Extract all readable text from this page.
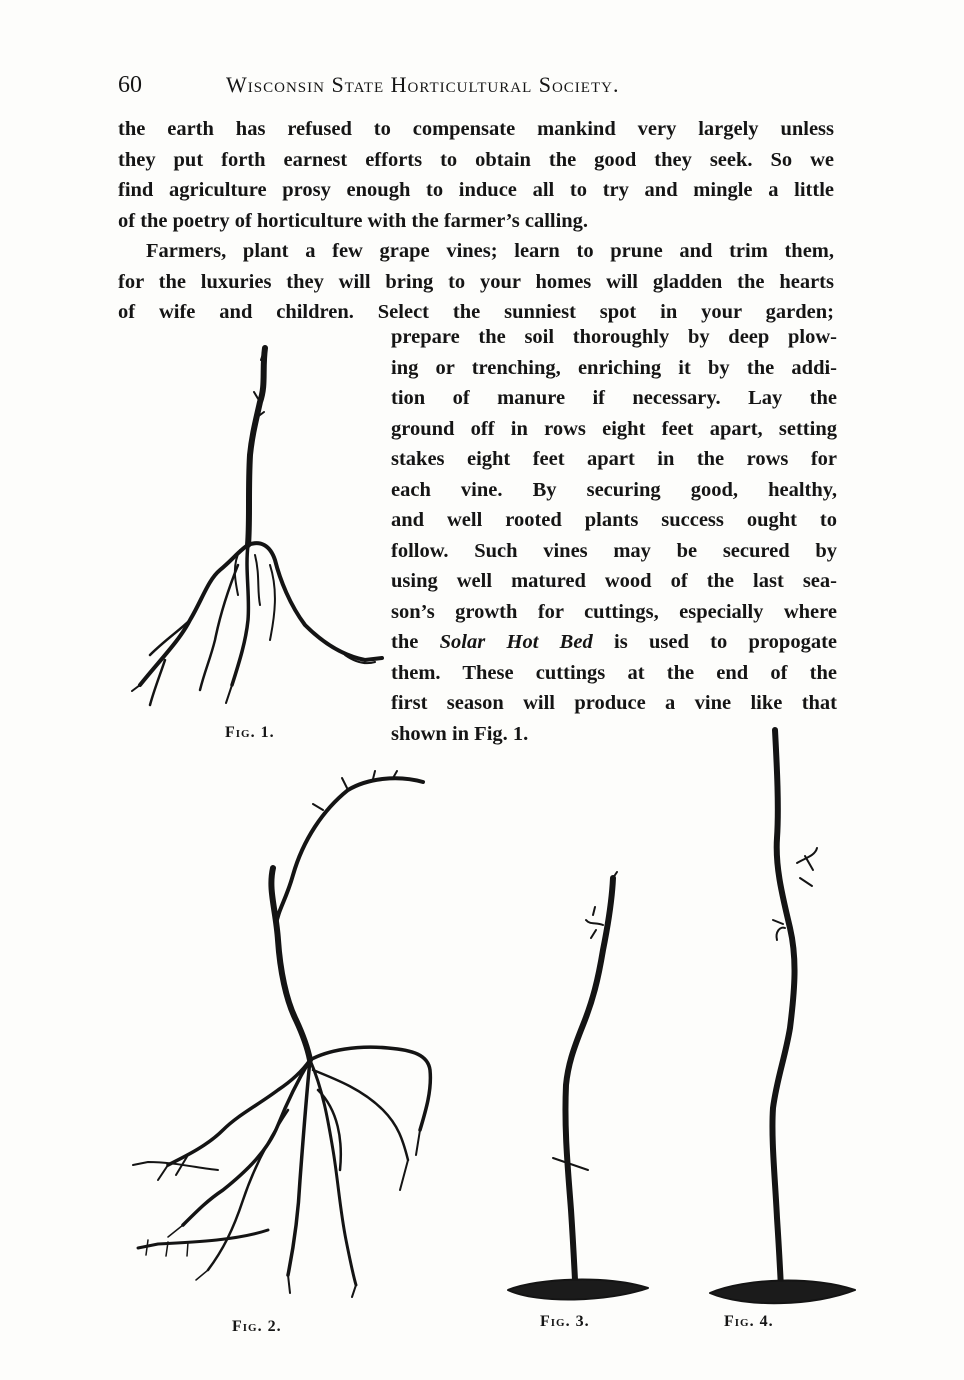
60	Wisconsin State Horticultural Society.
the earth has refused to compensate mankind very largely unless
they put forth earnest efforts to obtain the good they seek. So we
find agriculture prosy enough to induce all to try and mingle a little
of the poetry of horticulture with the farmer’s calling.
Farmers, plant a few grape vines; learn to prune and trim them,
for the luxuries they will bring to your homes will gladden the hearts
of wife and children. Select the sunniest spot in your garden;
prepare the soil thoroughly by deep plow-
ing or trenching, enriching it by the addi-
tion of manure if necessary. Lay the
ground off in rows eight feet apart, setting
stakes eight feet apart in the rows for
each vine. By securing good, healthy,
and well rooted plants success ought to
follow. Such vines may be secured by
using well matured wood of the last sea-
son’s growth for cuttings, especially where
the Solar Hot Bed is used to propogate
them. These cuttings at the end of the
first season will produce a vine like that
shown in Fig. 1.
Fig. 1.
Fig. 2.	Fig. 3.	Fig. 4.
